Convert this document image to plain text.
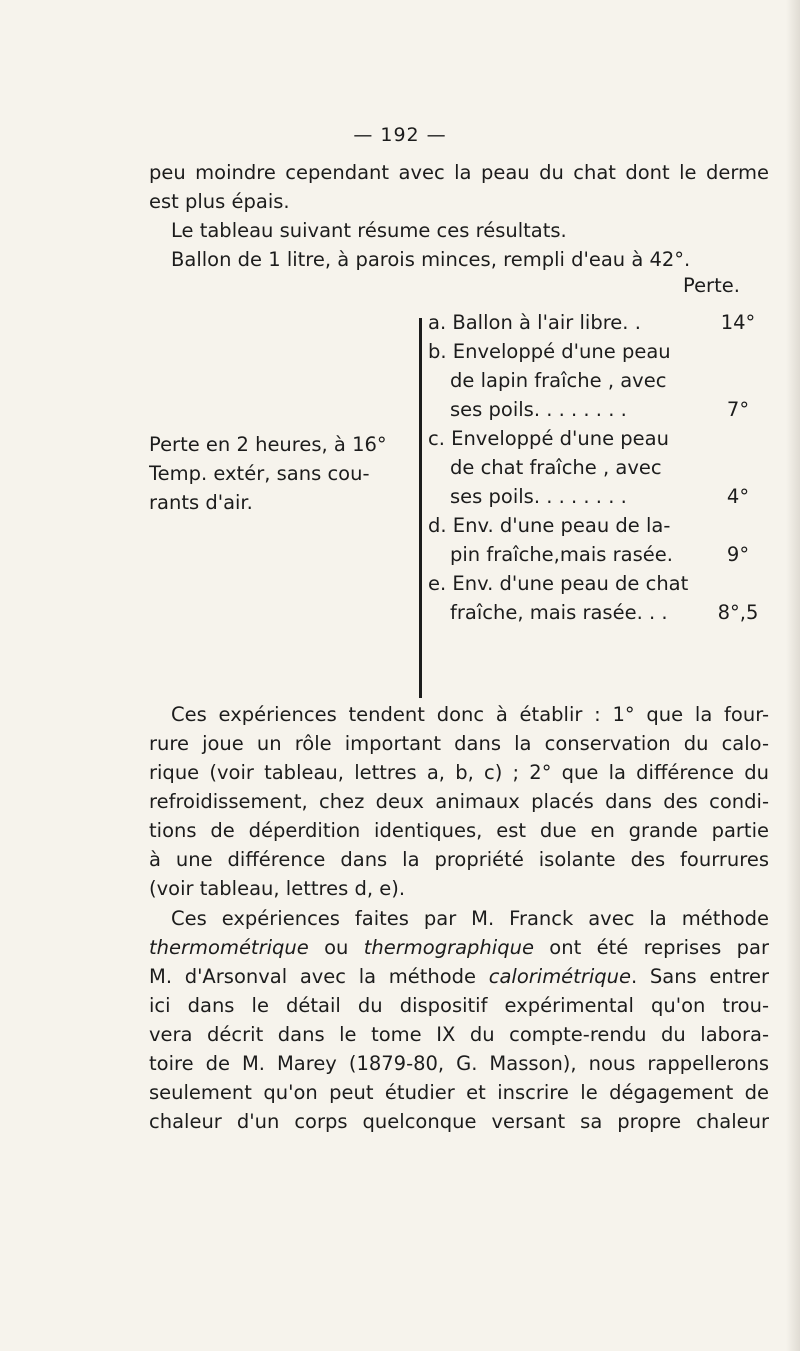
— 192 —
peu moindre cependant avec la peau du chat dont le derme
est plus épais.
Le tableau suivant résume ces résultats.
Ballon de 1 litre, à parois minces, rempli d'eau à 42°.
Perte.
Perte en 2 heures, à 16°
Temp. extér, sans cou-
rants d'air.
a. Ballon à l'air libre. .	14°
b. Enveloppé d'une peau
de lapin fraîche , avec
ses poils. . . . . . . .	7°
c. Enveloppé d'une peau
de chat fraîche , avec
ses poils. . . . . . . .	4°
d. Env. d'une peau de la-
pin fraîche,mais rasée.	9°
e. Env. d'une peau de chat
fraîche, mais rasée. . .	8°,5
Ces expériences tendent donc à établir : 1° que la four-
rure joue un rôle important dans la conservation du calo-
rique (voir tableau, lettres a, b, c) ; 2° que la différence du
refroidissement, chez deux animaux placés dans des condi-
tions de déperdition identiques, est due en grande partie
à une différence dans la propriété isolante des fourrures
(voir tableau, lettres d, e).
Ces expériences faites par M. Franck avec la méthode
thermométrique ou thermographique ont été reprises par
M. d'Arsonval avec la méthode calorimétrique. Sans entrer
ici dans le détail du dispositif expérimental qu'on trou-
vera décrit dans le tome IX du compte-rendu du labora-
toire de M. Marey (1879-80, G. Masson), nous rappellerons
seulement qu'on peut étudier et inscrire le dégagement de
chaleur d'un corps quelconque versant sa propre chaleur
